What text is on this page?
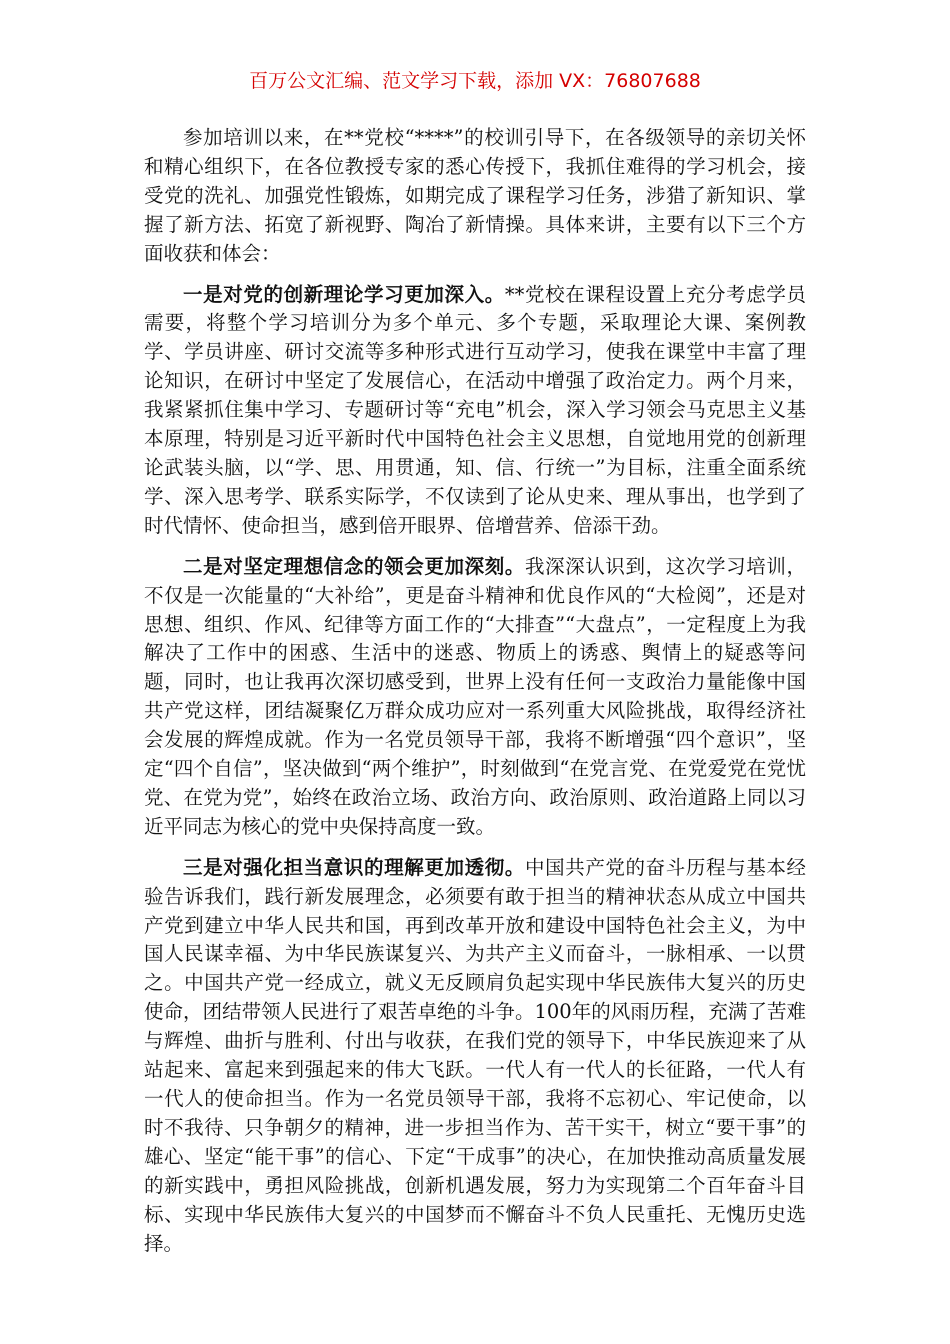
百万公文汇编、范文学习下载，添加 VX：76807688

参加培训以来，在**党校“****”的校训引导下，在各级领导的亲切关怀和精心组织下，在各位教授专家的悉心传授下，我抓住难得的学习机会，接受党的洗礼、加强党性锻炼，如期完成了课程学习任务，涉猎了新知识、掌握了新方法、拓宽了新视野、陶冶了新情操。具体来讲，主要有以下三个方面收获和体会：

一是对党的创新理论学习更加深入。**党校在课程设置上充分考虑学员需要，将整个学习培训分为多个单元、多个专题，采取理论大课、案例教学、学员讲座、研讨交流等多种形式进行互动学习，使我在课堂中丰富了理论知识，在研讨中坚定了发展信心，在活动中增强了政治定力。两个月来，我紧紧抓住集中学习、专题研讨等“充电”机会，深入学习领会马克思主义基本原理，特别是习近平新时代中国特色社会主义思想，自觉地用党的创新理论武装头脑，以“学、思、用贯通，知、信、行统一”为目标，注重全面系统学、深入思考学、联系实际学，不仅读到了论从史来、理从事出，也学到了时代情怀、使命担当，感到倍开眼界、倍增营养、倍添干劲。

二是对坚定理想信念的领会更加深刻。我深深认识到，这次学习培训，不仅是一次能量的“大补给”，更是奋斗精神和优良作风的“大检阅”，还是对思想、组织、作风、纪律等方面工作的“大排查”“大盘点”，一定程度上为我解决了工作中的困惑、生活中的迷惑、物质上的诱惑、舆情上的疑惑等问题，同时，也让我再次深切感受到，世界上没有任何一支政治力量能像中国共产党这样，团结凝聚亿万群众成功应对一系列重大风险挑战，取得经济社会发展的辉煌成就。作为一名党员领导干部，我将不断增强“四个意识”，坚定“四个自信”，坚决做到“两个维护”，时刻做到“在党言党、在党爱党在党忧党、在党为党”，始终在政治立场、政治方向、政治原则、政治道路上同以习近平同志为核心的党中央保持高度一致。

三是对强化担当意识的理解更加透彻。中国共产党的奋斗历程与基本经验告诉我们，践行新发展理念，必须要有敢于担当的精神状态从成立中国共产党到建立中华人民共和国，再到改革开放和建设中国特色社会主义，为中国人民谋幸福、为中华民族谋复兴、为共产主义而奋斗，一脉相承、一以贯之。中国共产党一经成立，就义无反顾肩负起实现中华民族伟大复兴的历史使命，团结带领人民进行了艰苦卓绝的斗争。100年的风雨历程，充满了苦难与辉煌、曲折与胜利、付出与收获，在我们党的领导下，中华民族迎来了从站起来、富起来到强起来的伟大飞跃。一代人有一代人的长征路，一代人有一代人的使命担当。作为一名党员领导干部，我将不忘初心、牢记使命，以时不我待、只争朝夕的精神，进一步担当作为、苦干实干，树立“要干事”的雄心、坚定“能干事”的信心、下定“干成事”的决心，在加快推动高质量发展的新实践中，勇担风险挑战，创新机遇发展，努力为实现第二个百年奋斗目标、实现中华民族伟大复兴的中国梦而不懈奋斗不负人民重托、无愧历史选择。
